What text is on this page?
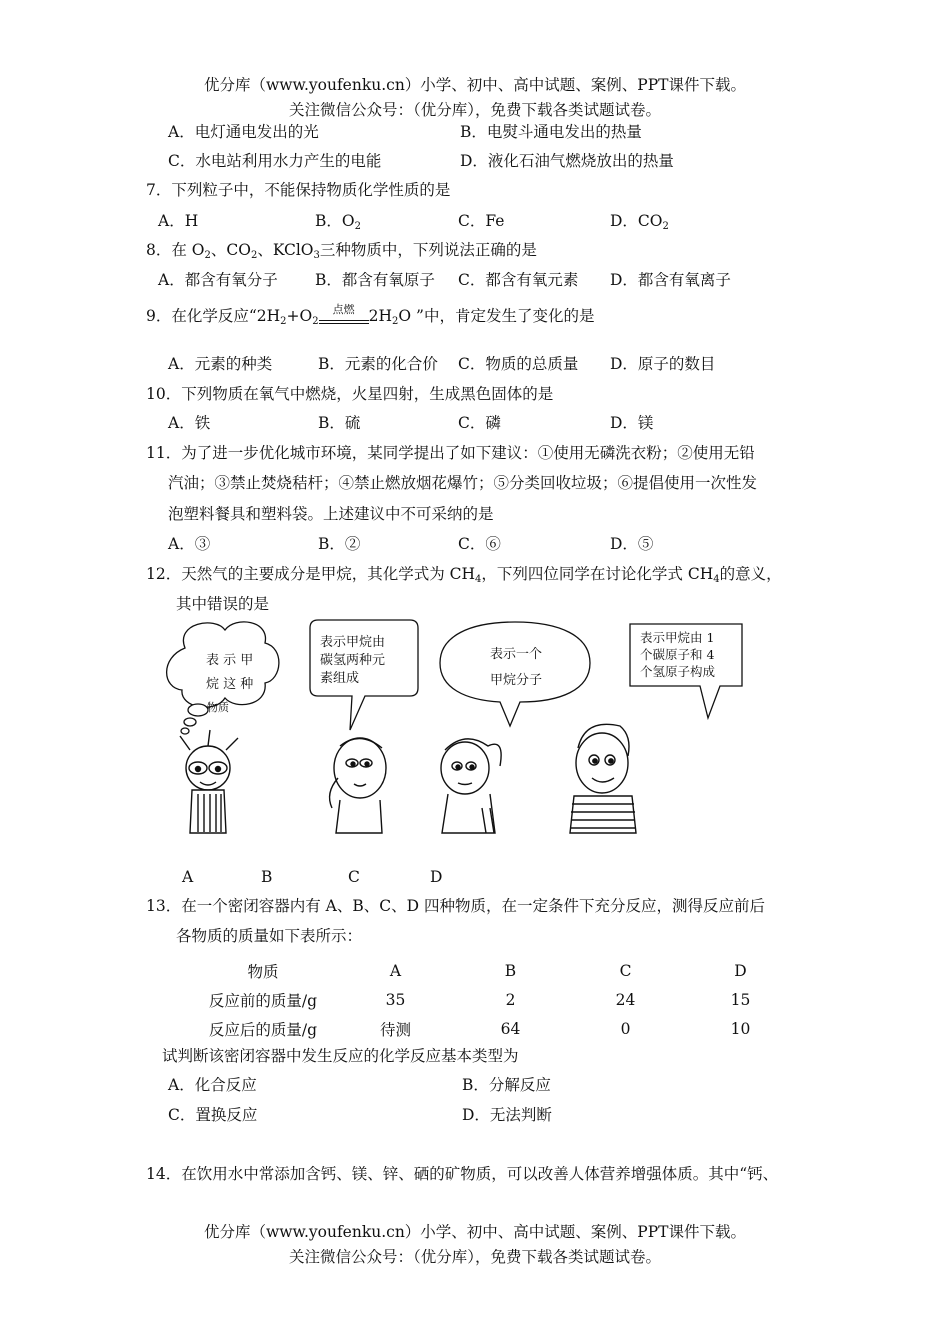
优分库（www.youfenku.cn）小学、初中、高中试题、案例、PPT课件下载。
关注微信公众号：（优分库），免费下载各类试题试卷。
A．电灯通电发出的光	B．电熨斗通电发出的热量
C．水电站利用水力产生的电能	D．液化石油气燃烧放出的热量
7．下列粒子中，不能保持物质化学性质的是
A．H	B．$O_2$	C．Fe	D．$CO_2$
8．在 $O_2$、$CO_2$、KClO$_3$三种物质中，下列说法正确的是
A．都含有氧分子 B．都含有氧原子 C．都含有氧元素 D．都含有氧离子
9．在化学反应“$2H_2+O_2$
点燃 $2H_2O$ ”中，肯定发生了变化的是
A．元素的种类	B．元素的化合价 C．物质的总质量 D．原子的数目
10．下列物质在氧气中燃烧，火星四射，生成黑色固体的是
A．铁	B．硫	C．磷	D．镁
11．为了进一步优化城市环境，某同学提出了如下建议：①使用无磷洗衣粉；②使用无铅
汽油；③禁止焚烧秸杆；④禁止燃放烟花爆竹；⑤分类回收垃圾；⑥提倡使用一次性发
泡塑料餐具和塑料袋。上述建议中不可采纳的是
A．③	B．②	C．⑥	D．⑤
12．天然气的主要成分是甲烷，其化学式为 $CH_4$，下列四位同学在讨论化学式 $CH_4$的意义，
其中错误的是
表 示 甲
烷 这 种
物质
表示甲烷由
碳氢两种元
素组成
表示一个
甲烷分子
表示甲烷由 1
个碳原子和 4
个氢原子构成
A	B	C	D
13．在一个密闭容器内有 A、B、C、D 四种物质，在一定条件下充分反应，测得反应前后
各物质的质量如下表所示：
物质	A	B	C	D
反应前的质量/g	35	2	24	15
反应后的质量/g	待测	64	0	10
试判断该密闭容器中发生反应的化学反应基本类型为
A．化合反应	B．分解反应
C．置换反应	D．无法判断
14．在饮用水中常添加含钙、镁、锌、硒的矿物质，可以改善人体营养增强体质。其中“钙、
优分库（www.youfenku.cn）小学、初中、高中试题、案例、PPT课件下载。
关注微信公众号：（优分库），免费下载各类试题试卷。
